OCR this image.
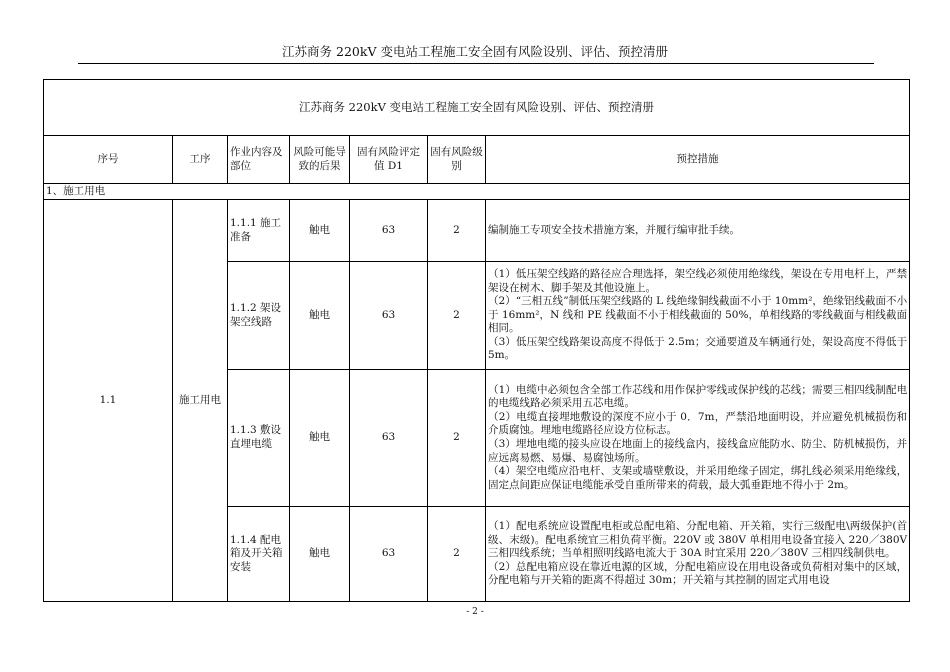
江苏商务 220kV 变电站工程施工安全固有风险设别、评估、预控清册
江苏商务 220kV 变电站工程施工安全固有风险设别、评估、预控清册						
序号	工序	作业内容及部位	风险可能导致的后果	固有风险评定值 D1	固有风险级别	预控措施
1、施工用电						
1.1	施工用电	1.1.1 施工准备	触电	63	2	编制施工专项安全技术措施方案，并履行编审批手续。

		1.1.2 架设架空线路	触电	63	2	（1）低压架空线路的路径应合理选择，架空线必须使用绝缘线，架设在专用电杆上，严禁架设在树木、脚手架及其他设施上。

（2）“三相五线”制低压架空线路的 L 线绝缘铜线截面不小于 10mm²，绝缘铝线截面不小于 16mm²，N 线和 PE 线截面不小于相线截面的 50%，单相线路的零线截面与相线截面相同。

（3）低压架空线路架设高度不得低于 2.5m；交通要道及车辆通行处，架设高度不得低于 5m。

		1.1.3 敷设直埋电缆	触电	63	2	（1）电缆中必须包含全部工作芯线和用作保护零线或保护线的芯线；需要三相四线制配电的电缆线路必须采用五芯电缆。

（2）电缆直接埋地敷设的深度不应小于 0．7m，严禁沿地面明设，并应避免机械损伤和介质腐蚀。埋地电缆路径应设方位标志。

（3）埋地电缆的接头应设在地面上的接线盒内，接线盒应能防水、防尘、防机械损伤，并应远离易燃、易爆、易腐蚀场所。

（4）架空电缆应沿电杆、支架或墙壁敷设，并采用绝缘子固定，绑扎线必须采用绝缘线，固定点间距应保证电缆能承受自重所带来的荷载，最大弧垂距地不得小于 2m。

		1.1.4 配电箱及开关箱安装	触电	63	2	（1）配电系统应设置配电柜或总配电箱、分配电箱、开关箱，实行三级配电\两级保护(首级、末级)。配电系统宜三相负荷平衡。220V 或 380V 单相用电设备宜接入 220／380V 三相四线系统；当单相照明线路电流大于 30A 时宜采用 220／380V 三相四线制供电。

（2）总配电箱应设在靠近电源的区域，分配电箱应设在用电设备或负荷相对集中的区域，分配电箱与开关箱的距离不得超过 30m；开关箱与其控制的固定式用电设

- 2 -
